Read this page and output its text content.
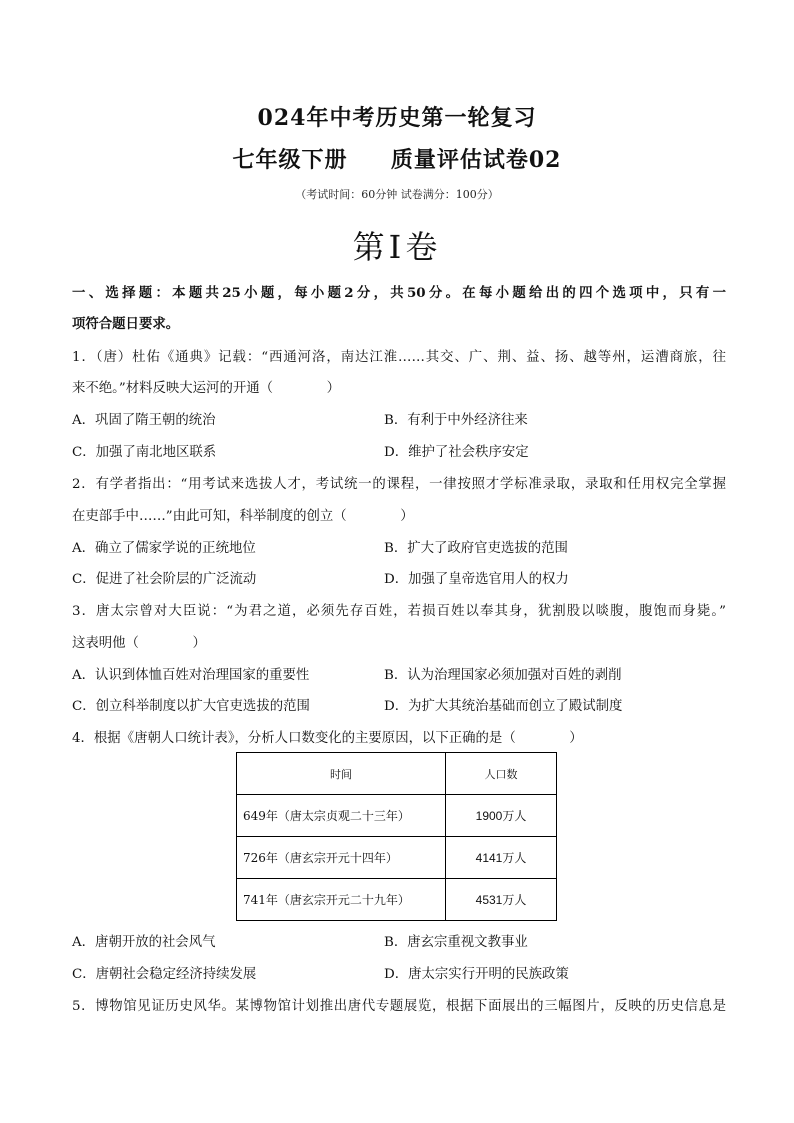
024年中考历史第一轮复习
七年级下册     质量评估试卷02
（考试时间：60分钟 试卷满分：100分）
第I卷
一、选择题：本题共25小题，每小题2分，共50分。在每小题给出的四个选项中，只有一
项符合题日要求。
1．（唐）杜佑《通典》记载：“西通河洛，南达江淮……其交、广、荆、益、扬、越等州，运漕商旅，往
来不绝。”材料反映大运河的开通（　　　　）
A．巩固了隋王朝的统治	B．有利于中外经济往来
C．加强了南北地区联系	D．维护了社会秩序安定
2．有学者指出：“用考试来选拔人才，考试统一的课程，一律按照才学标准录取，录取和任用权完全掌握
在吏部手中……”由此可知，科举制度的创立（　　　　）
A．确立了儒家学说的正统地位	B．扩大了政府官吏选拔的范围
C．促进了社会阶层的广泛流动	D．加强了皇帝选官用人的权力
3．唐太宗曾对大臣说：“为君之道，必须先存百姓，若损百姓以奉其身，犹割股以啖腹，腹饱而身毙。”
这表明他（　　　　）
A．认识到体恤百姓对治理国家的重要性	B．认为治理国家必须加强对百姓的剥削
C．创立科举制度以扩大官吏选拔的范围	D．为扩大其统治基础而创立了殿试制度
4．根据《唐朝人口统计表》，分析人口数变化的主要原因，以下正确的是（　　　　）
时间	人口数
649年（唐太宗贞观二十三年）	1900万人
726年（唐玄宗开元十四年）	4141万人
741年（唐玄宗开元二十九年）	4531万人
A．唐朝开放的社会风气	B．唐玄宗重视文教事业
C．唐朝社会稳定经济持续发展	D．唐太宗实行开明的民族政策
5．博物馆见证历史风华。某博物馆计划推出唐代专题展览，根据下面展出的三幅图片，反映的历史信息是
